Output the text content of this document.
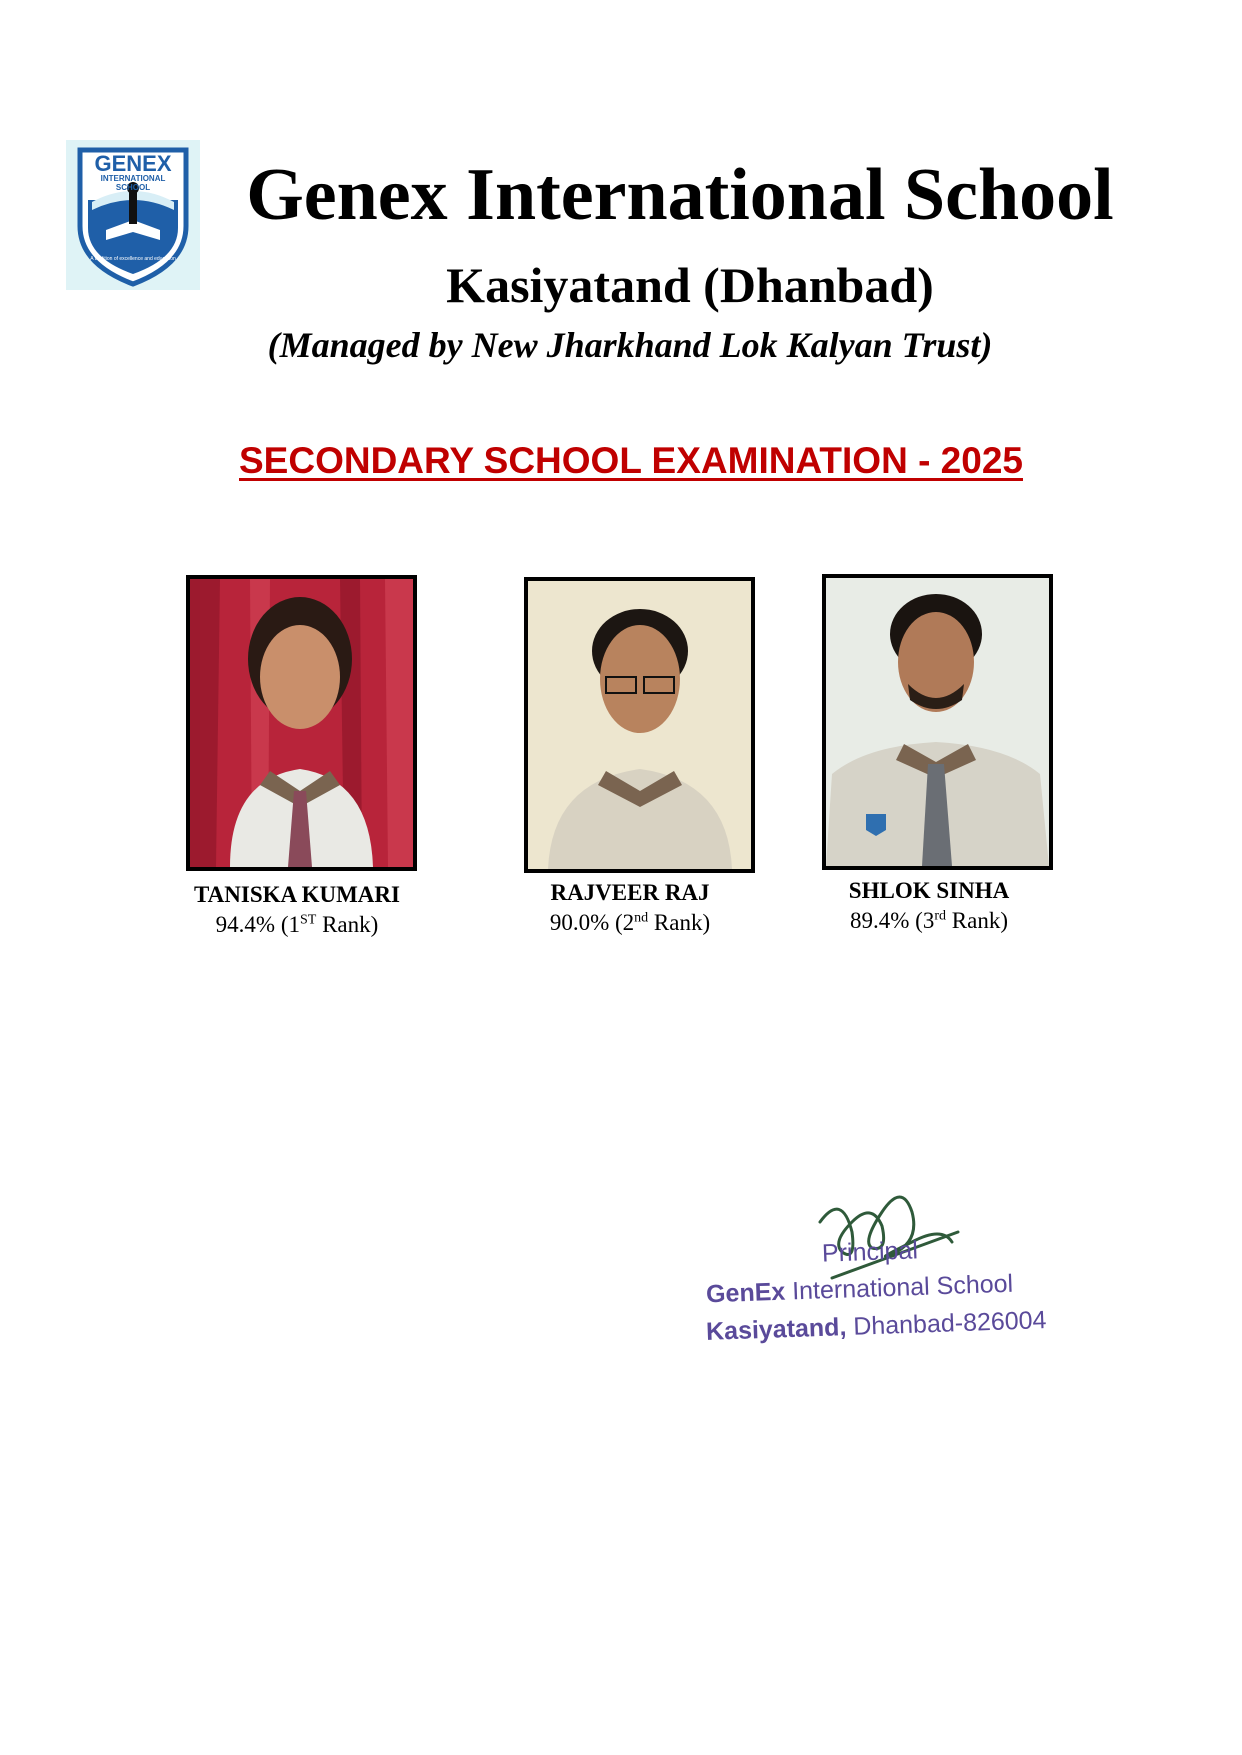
GENEX
INTERNATIONAL
SCHOOL
A tradition of excellence and education
Genex International School
Kasiyatand (Dhanbad)
(Managed by New Jharkhand Lok Kalyan Trust)
SECONDARY SCHOOL EXAMINATION - 2025
TANISKA KUMARI
94.4% (1ST Rank)
RAJVEER RAJ
90.0% (2nd Rank)
SHLOK SINHA
89.4% (3rd Rank)
Principal
GenEx International School
Kasiyatand, Dhanbad-826004
